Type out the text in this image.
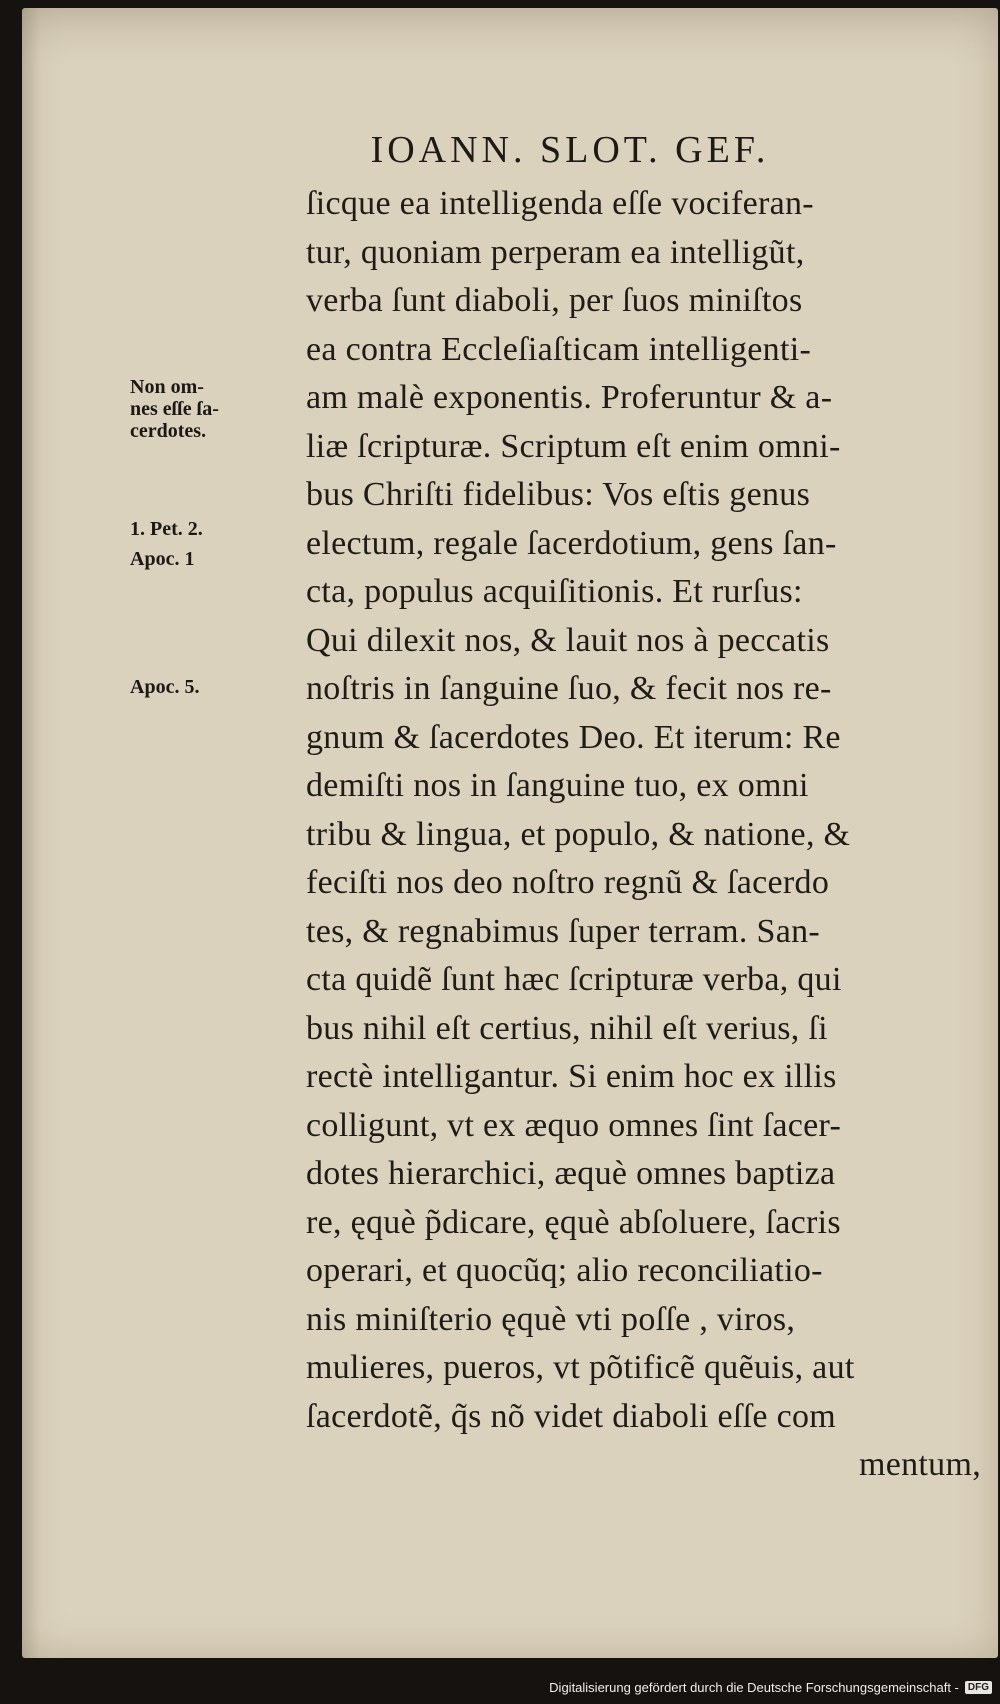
IOANN. SLOT. GEF.
ſicque ea intelligenda eſſe vociferan-
tur, quoniam perperam ea intelligũt,
verba ſunt diaboli, per ſuos miniſtos
ea contra Eccleſiaſticam intelligenti-
am malè exponentis. Proferuntur & a-
liæ ſcripturæ. Scriptum eſt enim omni-
bus Chriſti fidelibus: Vos eſtis genus
electum, regale ſacerdotium, gens ſan-
cta, populus acquiſitionis. Et rurſus:
Qui dilexit nos, & lauit nos à peccatis
noſtris in ſanguine ſuo, & fecit nos re-
gnum & ſacerdotes Deo. Et iterum: Re
demiſti nos in ſanguine tuo, ex omni
tribu & lingua, et populo, & natione, &
feciſti nos deo noſtro regnũ & ſacerdo
tes, & regnabimus ſuper terram. San-
cta quidẽ ſunt hæc ſcripturæ verba, qui
bus nihil eſt certius, nihil eſt verius, ſi
rectè intelligantur. Si enim hoc ex illis
colligunt, vt ex æquo omnes ſint ſacer-
dotes hierarchici, æquè omnes baptiza
re, ęquè p̃dicare, ęquè abſoluere, ſacris
operari, et quocũq; alio reconciliatio-
nis miniſterio ęquè vti poſſe , viros,
mulieres, pueros, vt põtificẽ quẽuis, aut
ſacerdotẽ, q̃s nõ videt diaboli eſſe com
mentum,
Non om-
nes eſſe ſa-
cerdotes.
1. Pet. 2.
Apoc. 1
Apoc. 5.
Digitalisierung gefördert durch die Deutsche Forschungsgemeinschaft - DFG
